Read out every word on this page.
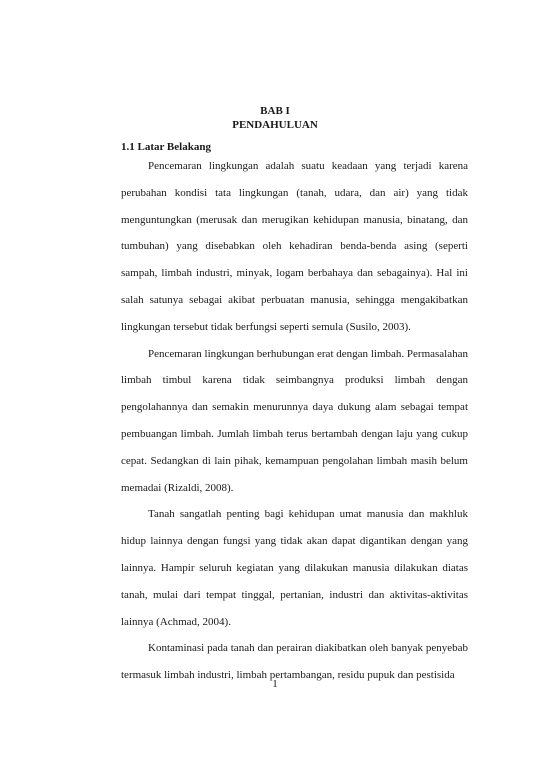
BAB I
PENDAHULUAN
1.1 Latar Belakang

Pencemaran lingkungan adalah suatu keadaan yang terjadi karena perubahan kondisi tata lingkungan (tanah, udara, dan air) yang tidak menguntungkan (merusak dan merugikan kehidupan manusia, binatang, dan tumbuhan) yang disebabkan oleh kehadiran benda-benda asing (seperti sampah, limbah industri, minyak, logam berbahaya dan sebagainya). Hal ini salah satunya sebagai akibat perbuatan manusia, sehingga mengakibatkan lingkungan tersebut tidak berfungsi seperti semula (Susilo, 2003).

Pencemaran lingkungan berhubungan erat dengan limbah. Permasalahan limbah timbul karena tidak seimbangnya produksi limbah dengan pengolahannya dan semakin menurunnya daya dukung alam sebagai tempat pembuangan limbah. Jumlah limbah terus bertambah dengan laju yang cukup cepat. Sedangkan di lain pihak, kemampuan pengolahan limbah masih belum memadai (Rizaldi, 2008).

Tanah sangatlah penting bagi kehidupan umat manusia dan makhluk hidup lainnya dengan fungsi yang tidak akan dapat digantikan dengan yang lainnya. Hampir seluruh kegiatan yang dilakukan manusia dilakukan diatas tanah, mulai dari tempat tinggal, pertanian, industri dan aktivitas-aktivitas lainnya (Achmad, 2004).

Kontaminasi pada tanah dan perairan diakibatkan oleh banyak penyebab termasuk limbah industri, limbah pertambangan, residu pupuk dan pestisida

1
